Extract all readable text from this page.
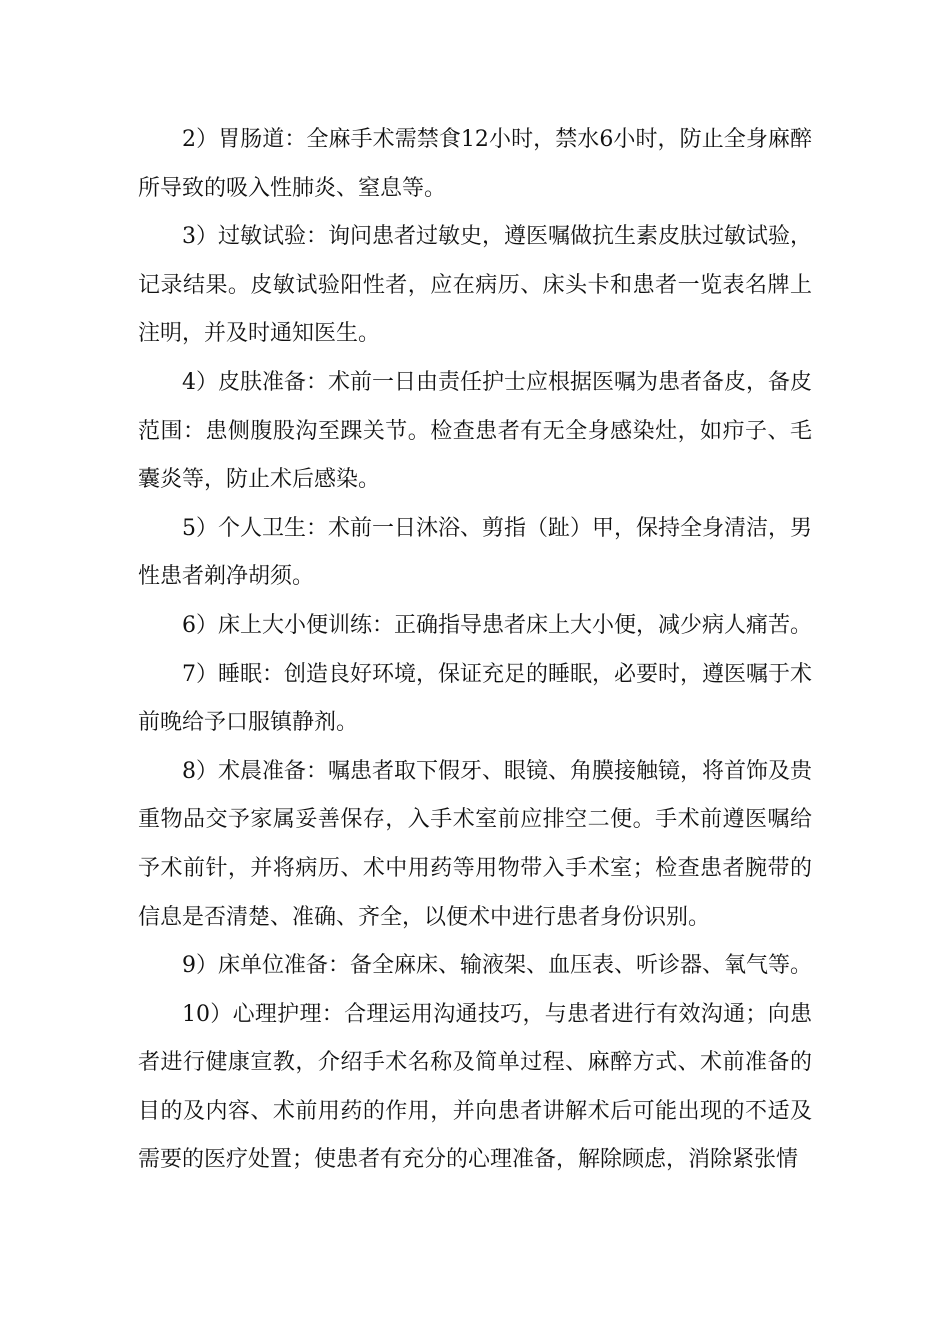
2）胃肠道：全麻手术需禁食12小时，禁水6小时，防止全身麻醉所导致的吸入性肺炎、窒息等。

3）过敏试验：询问患者过敏史，遵医嘱做抗生素皮肤过敏试验，记录结果。皮敏试验阳性者，应在病历、床头卡和患者一览表名牌上注明，并及时通知医生。

4）皮肤准备：术前一日由责任护士应根据医嘱为患者备皮，备皮范围：患侧腹股沟至踝关节。检查患者有无全身感染灶，如疖子、毛囊炎等，防止术后感染。

5）个人卫生：术前一日沐浴、剪指（趾）甲，保持全身清洁，男性患者剃净胡须。

6）床上大小便训练：正确指导患者床上大小便，减少病人痛苦。

7）睡眠：创造良好环境，保证充足的睡眠，必要时，遵医嘱于术前晚给予口服镇静剂。

8）术晨准备：嘱患者取下假牙、眼镜、角膜接触镜，将首饰及贵重物品交予家属妥善保存，入手术室前应排空二便。手术前遵医嘱给予术前针，并将病历、术中用药等用物带入手术室；检查患者腕带的信息是否清楚、准确、齐全，以便术中进行患者身份识别。

9）床单位准备：备全麻床、输液架、血压表、听诊器、氧气等。

10）心理护理：合理运用沟通技巧，与患者进行有效沟通；向患者进行健康宣教，介绍手术名称及简单过程、麻醉方式、术前准备的目的及内容、术前用药的作用，并向患者讲解术后可能出现的不适及需要的医疗处置；使患者有充分的心理准备，解除顾虑，消除紧张情
